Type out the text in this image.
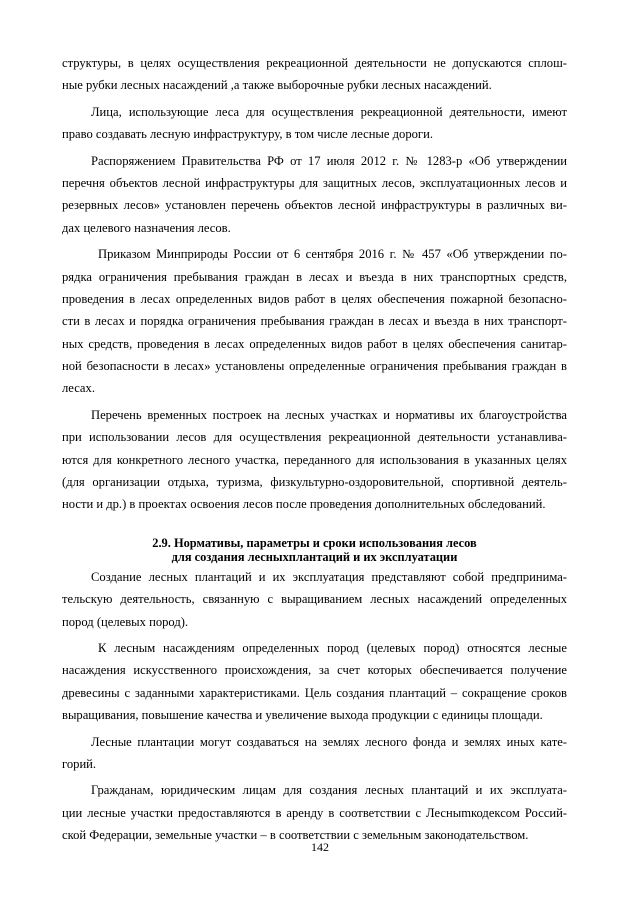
структуры, в целях осуществления рекреационной деятельности не допускаются сплош-
ные рубки лесных насаждений ,а также выборочные рубки лесных насаждений.
Лица, использующие леса для осуществления рекреационной деятельности, имеют
право создавать лесную инфраструктуру, в том числе лесные дороги.
Распоряжением Правительства РФ от 17 июля 2012 г. № 1283-р «Об утверждении
перечня объектов лесной инфраструктуры для защитных лесов, эксплуатационных лесов и
резервных лесов» установлен перечень объектов лесной инфраструктуры в различных ви-
дах целевого назначения лесов.
Приказом Минприроды России от 6 сентября 2016 г. № 457 «Об утверждении по-
рядка ограничения пребывания граждан в лесах и въезда в них транспортных средств,
проведения в лесах определенных видов работ в целях обеспечения пожарной безопасно-
сти в лесах и порядка ограничения пребывания граждан в лесах и въезда в них транспорт-
ных средств, проведения в лесах определенных видов работ в целях обеспечения санитар-
ной безопасности в лесах» установлены определенные ограничения пребывания граждан в
лесах.
Перечень временных построек на лесных участках и нормативы их благоустройства
при использовании лесов для осуществления рекреационной деятельности устанавлива-
ются для конкретного лесного участка, переданного для использования в указанных целях
(для организации отдыха, туризма, физкультурно-оздоровительной, спортивной деятель-
ности и др.) в проектах освоения лесов после проведения дополнительных обследований.
2.9. Нормативы, параметры и сроки использования лесов
для создания лесныхплантаций и их эксплуатации
Создание лесных плантаций и их эксплуатация представляют собой предпринима-
тельскую деятельность, связанную с выращиванием лесных насаждений определенных
пород (целевых пород).
К лесным насаждениям определенных пород (целевых пород) относятся лесные
насаждения искусственного происхождения, за счет которых обеспечивается получение
древесины с заданными характеристиками. Цель создания плантаций – сокращение сроков
выращивания, повышение качества и увеличение выхода продукции с единицы площади.
Лесные плантации могут создаваться на землях лесного фонда и землях иных кате-
горий.
Гражданам, юридическим лицам для создания лесных плантаций и их эксплуата-
ции лесные участки предоставляются в аренду в соответствии с Лесныmкодексом Россий-
ской Федерации, земельные участки – в соответствии с земельным законодательством.
142
